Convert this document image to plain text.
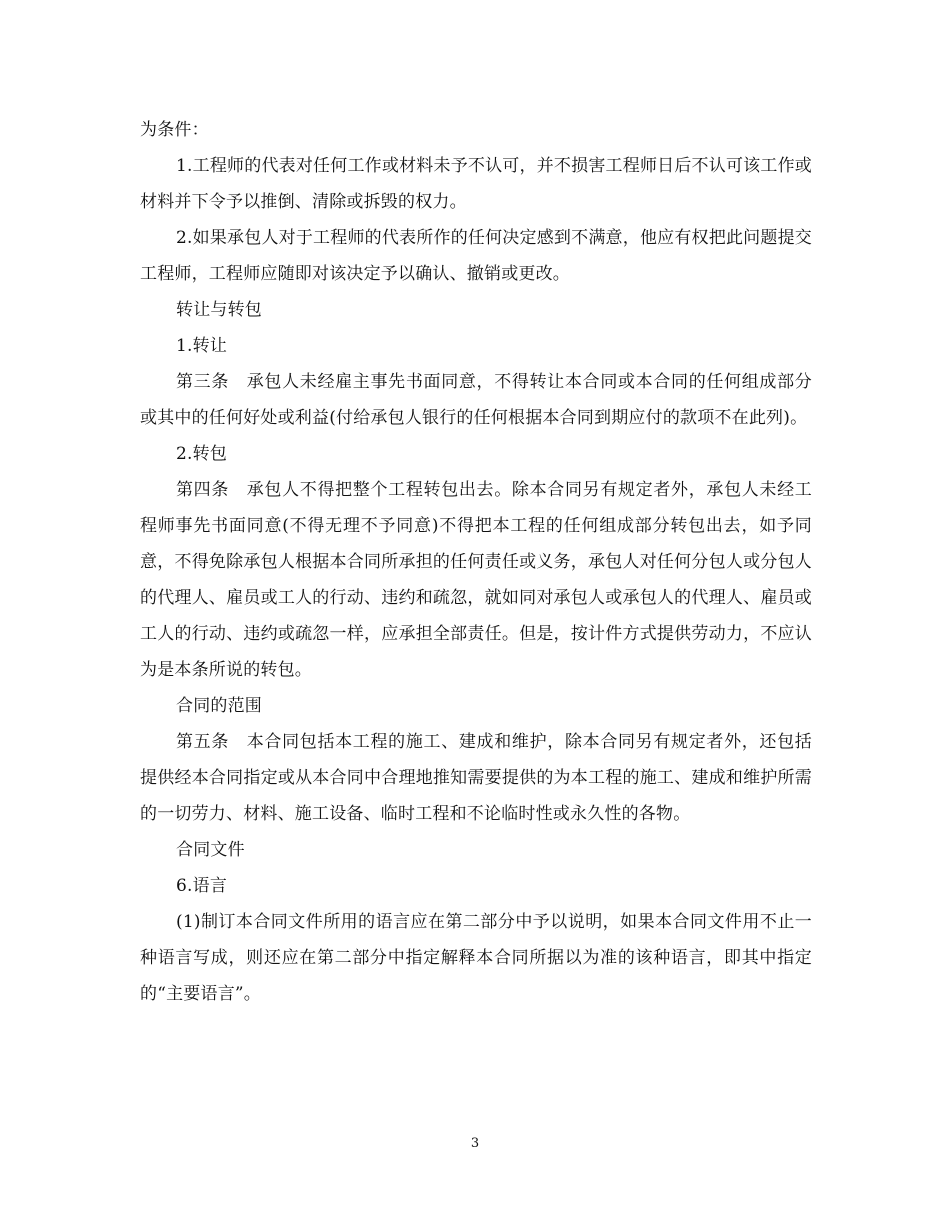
为条件：

1.工程师的代表对任何工作或材料未予不认可，并不损害工程师日后不认可该工作或材料并下令予以推倒、清除或拆毁的权力。

2.如果承包人对于工程师的代表所作的任何决定感到不满意，他应有权把此问题提交工程师，工程师应随即对该决定予以确认、撤销或更改。

转让与转包

1.转让

第三条　承包人未经雇主事先书面同意，不得转让本合同或本合同的任何组成部分或其中的任何好处或利益(付给承包人银行的任何根据本合同到期应付的款项不在此列)。

2.转包

第四条　承包人不得把整个工程转包出去。除本合同另有规定者外，承包人未经工程师事先书面同意(不得无理不予同意)不得把本工程的任何组成部分转包出去，如予同意，不得免除承包人根据本合同所承担的任何责任或义务，承包人对任何分包人或分包人的代理人、雇员或工人的行动、违约和疏忽，就如同对承包人或承包人的代理人、雇员或工人的行动、违约或疏忽一样，应承担全部责任。但是，按计件方式提供劳动力，不应认为是本条所说的转包。

合同的范围

第五条　本合同包括本工程的施工、建成和维护，除本合同另有规定者外，还包括提供经本合同指定或从本合同中合理地推知需要提供的为本工程的施工、建成和维护所需的一切劳力、材料、施工设备、临时工程和不论临时性或永久性的各物。

合同文件

6.语言

(1)制订本合同文件所用的语言应在第二部分中予以说明，如果本合同文件用不止一种语言写成，则还应在第二部分中指定解释本合同所据以为准的该种语言，即其中指定的“主要语言”。

3
